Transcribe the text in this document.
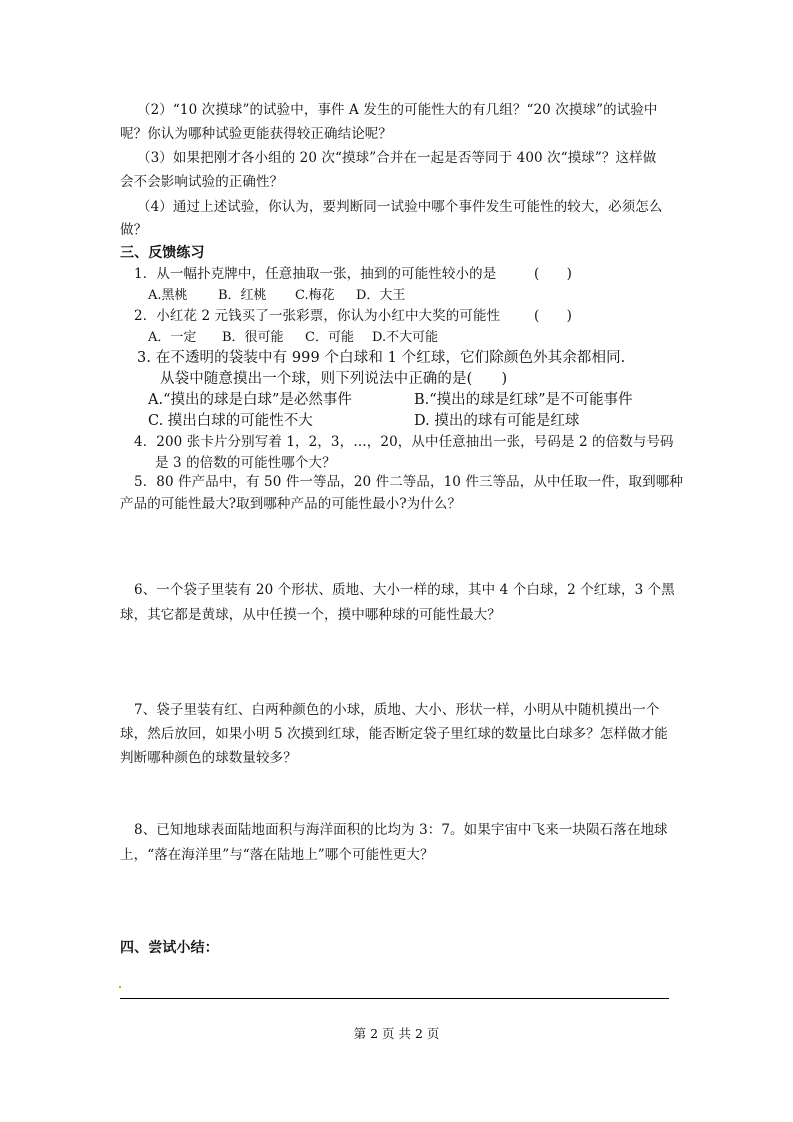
（2）“10 次摸球”的试验中，事件 A 发生的可能性大的有几组？“20 次摸球”的试验中
呢？你认为哪种试验更能获得较正确结论呢？
（3）如果把刚才各小组的 20 次“摸球”合并在一起是否等同于 400 次“摸球”？这样做
会不会影响试验的正确性？
（4）通过上述试验，你认为，要判断同一试验中哪个事件发生可能性的较大，必须怎么
做？
三、反馈练习
1．从一幅扑克牌中，任意抽取一张，抽到的可能性较小的是	(　　)
A.黑桃 B．红桃 C.梅花 D．大王
2．小红花 2 元钱买了一张彩票，你认为小红中大奖的可能性	(　　)
A．一定 B．很可能 C．可能 D.不大可能
3. 在不透明的袋装中有 999 个白球和 1 个红球，它们除颜色外其余都相同.
从袋中随意摸出一个球，则下列说法中正确的是(　　)
A.“摸出的球是白球”是必然事件	B.“摸出的球是红球”是不可能事件
C. 摸出白球的可能性不大	D. 摸出的球有可能是红球
4．200 张卡片分别写着 1，2，3，…，20，从中任意抽出一张，号码是 2 的倍数与号码
是 3 的倍数的可能性哪个大？
5．80 件产品中，有 50 件一等品，20 件二等品，10 件三等品，从中任取一件，取到哪种
产品的可能性最大?取到哪种产品的可能性最小?为什么？
6、一个袋子里装有 20 个形状、质地、大小一样的球，其中 4 个白球，2 个红球，3 个黑
球，其它都是黄球，从中任摸一个，摸中哪种球的可能性最大？
7、袋子里装有红、白两种颜色的小球，质地、大小、形状一样，小明从中随机摸出一个
球，然后放回，如果小明 5 次摸到红球，能否断定袋子里红球的数量比白球多？怎样做才能
判断哪种颜色的球数量较多？
8、已知地球表面陆地面积与海洋面积的比均为 3：7。如果宇宙中飞来一块陨石落在地球
上，“落在海洋里”与“落在陆地上”哪个可能性更大？
四、尝试小结：
第 2 页 共 2 页
